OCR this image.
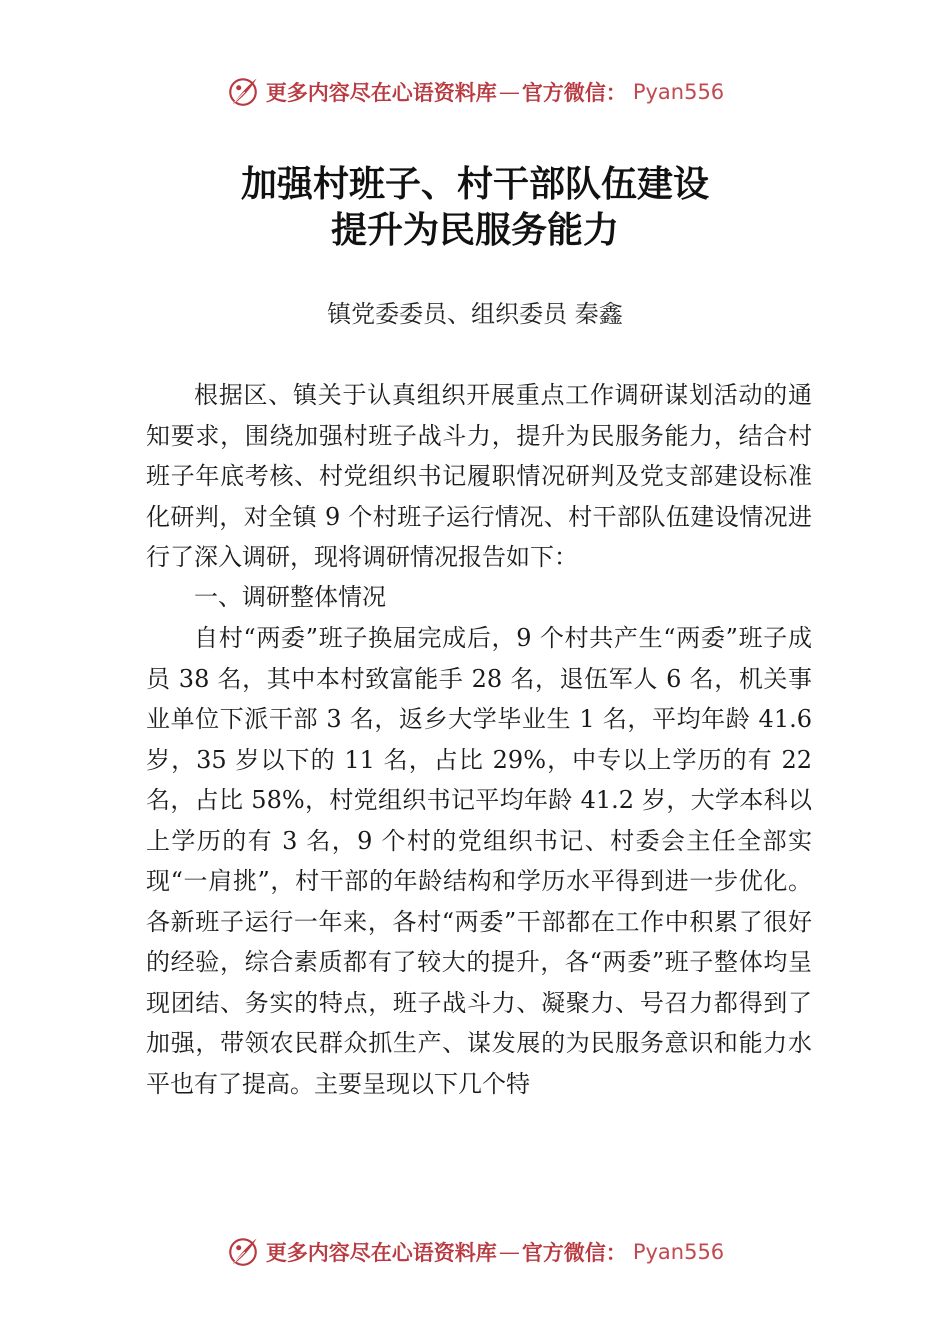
更多内容尽在心语资料库 — 官方微信： Pyan556
加强村班子、村干部队伍建设
提升为民服务能力
镇党委委员、组织委员 秦鑫

根据区、镇关于认真组织开展重点工作调研谋划活动的通知要求，围绕加强村班子战斗力，提升为民服务能力，结合村班子年底考核、村党组织书记履职情况研判及党支部建设标准化研判，对全镇 9 个村班子运行情况、村干部队伍建设情况进行了深入调研，现将调研情况报告如下：

一、调研整体情况

自村“两委”班子换届完成后，9 个村共产生“两委”班子成员 38 名，其中本村致富能手 28 名，退伍军人 6 名，机关事业单位下派干部 3 名，返乡大学毕业生 1 名，平均年龄 41.6 岁，35 岁以下的 11 名，占比 29%，中专以上学历的有 22 名，占比 58%，村党组织书记平均年龄 41.2 岁，大学本科以上学历的有 3 名，9 个村的党组织书记、村委会主任全部实现“一肩挑”，村干部的年龄结构和学历水平得到进一步优化。各新班子运行一年来，各村“两委”干部都在工作中积累了很好的经验，综合素质都有了较大的提升，各“两委”班子整体均呈现团结、务实的特点，班子战斗力、凝聚力、号召力都得到了加强，带领农民群众抓生产、谋发展的为民服务意识和能力水平也有了提高。主要呈现以下几个特

更多内容尽在心语资料库 — 官方微信： Pyan556
